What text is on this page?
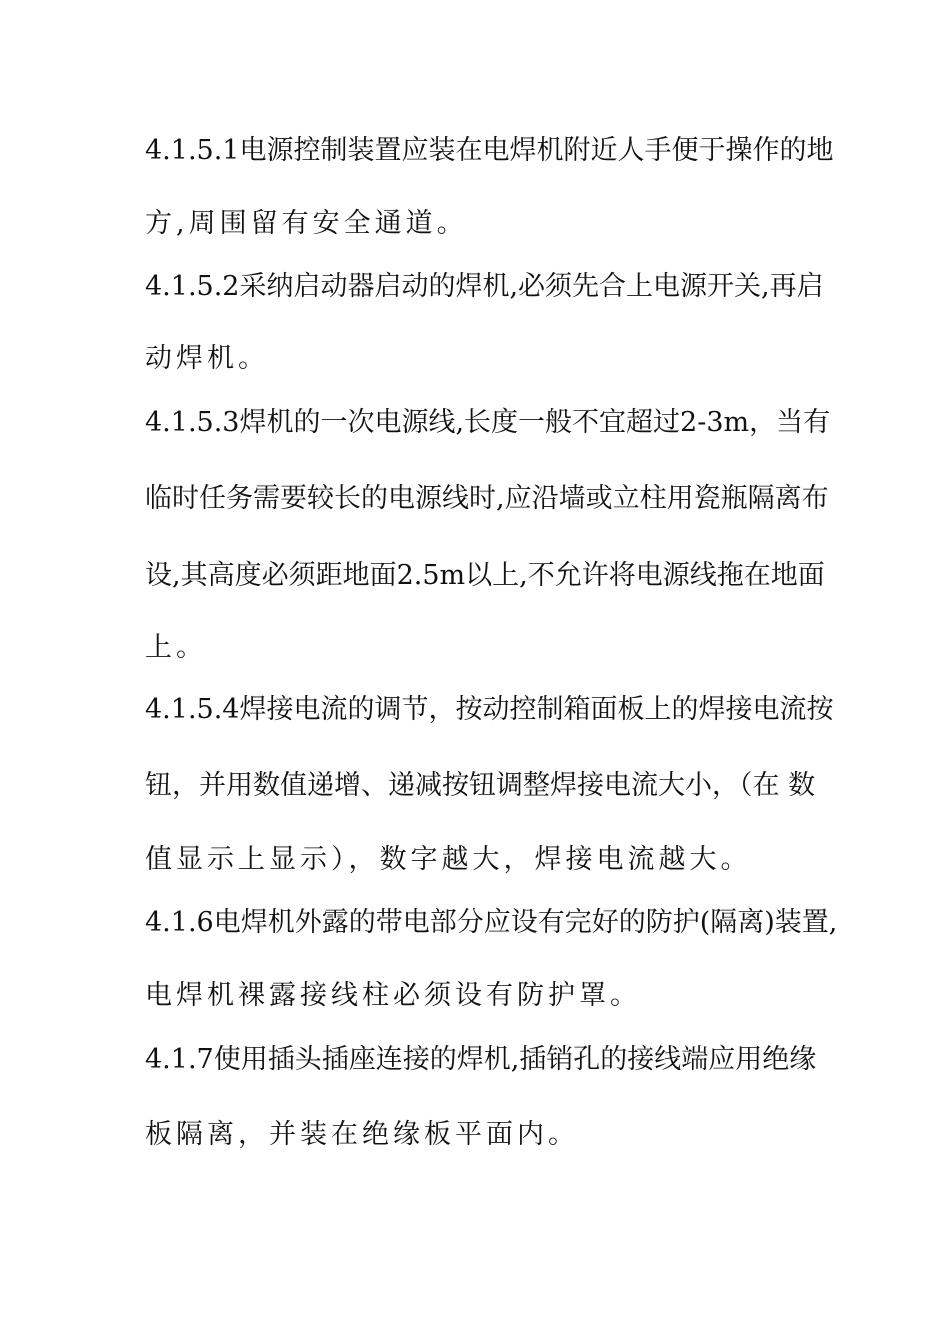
4.1.5.1电源控制装置应装在电焊机附近人手便于操作的地
方,周围留有安全通道。
4.1.5.2采纳启动器启动的焊机,必须先合上电源开关,再启
动焊机。
4.1.5.3焊机的一次电源线,长度一般不宜超过2-3m，当有
临时任务需要较长的电源线时,应沿墙或立柱用瓷瓶隔离布
设,其高度必须距地面2.5m以上,不允许将电源线拖在地面
上。
4.1.5.4焊接电流的调节，按动控制箱面板上的焊接电流按
钮，并用数值递增、递减按钮调整焊接电流大小，（在 数
值显示上显示），数字越大，焊接电流越大。
4.1.6电焊机外露的带电部分应设有完好的防护(隔离)装置,
电焊机裸露接线柱必须设有防护罩。
4.1.7使用插头插座连接的焊机,插销孔的接线端应用绝缘
板隔离，并装在绝缘板平面内。
